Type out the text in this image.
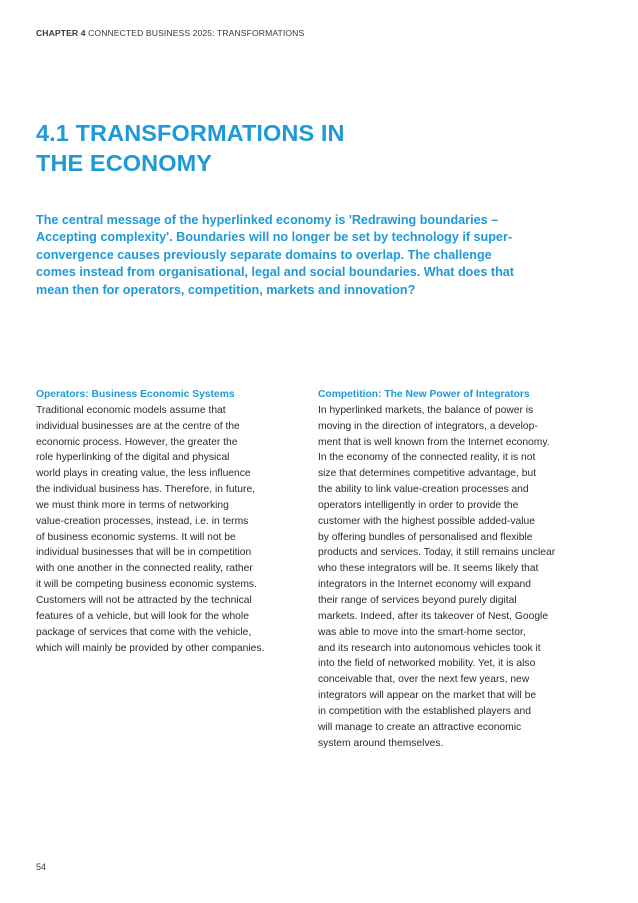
CHAPTER 4 CONNECTED BUSINESS 2025: TRANSFORMATIONS
4.1 TRANSFORMATIONS IN
THE ECONOMY
The central message of the hyperlinked economy is 'Redrawing boundaries –
Accepting complexity'. Boundaries will no longer be set by technology if super-
convergence causes previously separate domains to overlap. The challenge
comes instead from organisational, legal and social boundaries. What does that
mean then for operators, competition, markets and innovation?
Operators: Business Economic Systems
Traditional economic models assume that
individual businesses are at the centre of the
economic process. However, the greater the
role hyperlinking of the digital and physical
world plays in creating value, the less influence
the individual business has. Therefore, in future,
we must think more in terms of networking
value-creation processes, instead, i.e. in terms
of business economic systems. It will not be
individual businesses that will be in competition
with one another in the connected reality, rather
it will be competing business economic systems.
Customers will not be attracted by the technical
features of a vehicle, but will look for the whole
package of services that come with the vehicle,
which will mainly be provided by other companies.
Competition: The New Power of Integrators
In hyperlinked markets, the balance of power is
moving in the direction of integrators, a develop-
ment that is well known from the Internet economy.
In the economy of the connected reality, it is not
size that determines competitive advantage, but
the ability to link value-creation processes and
operators intelligently in order to provide the
customer with the highest possible added-value
by offering bundles of personalised and flexible
products and services. Today, it still remains unclear
who these integrators will be. It seems likely that
integrators in the Internet economy will expand
their range of services beyond purely digital
markets. Indeed, after its takeover of Nest, Google
was able to move into the smart-home sector,
and its research into autonomous vehicles took it
into the field of networked mobility. Yet, it is also
conceivable that, over the next few years, new
integrators will appear on the market that will be
in competition with the established players and
will manage to create an attractive economic
system around themselves.
54
